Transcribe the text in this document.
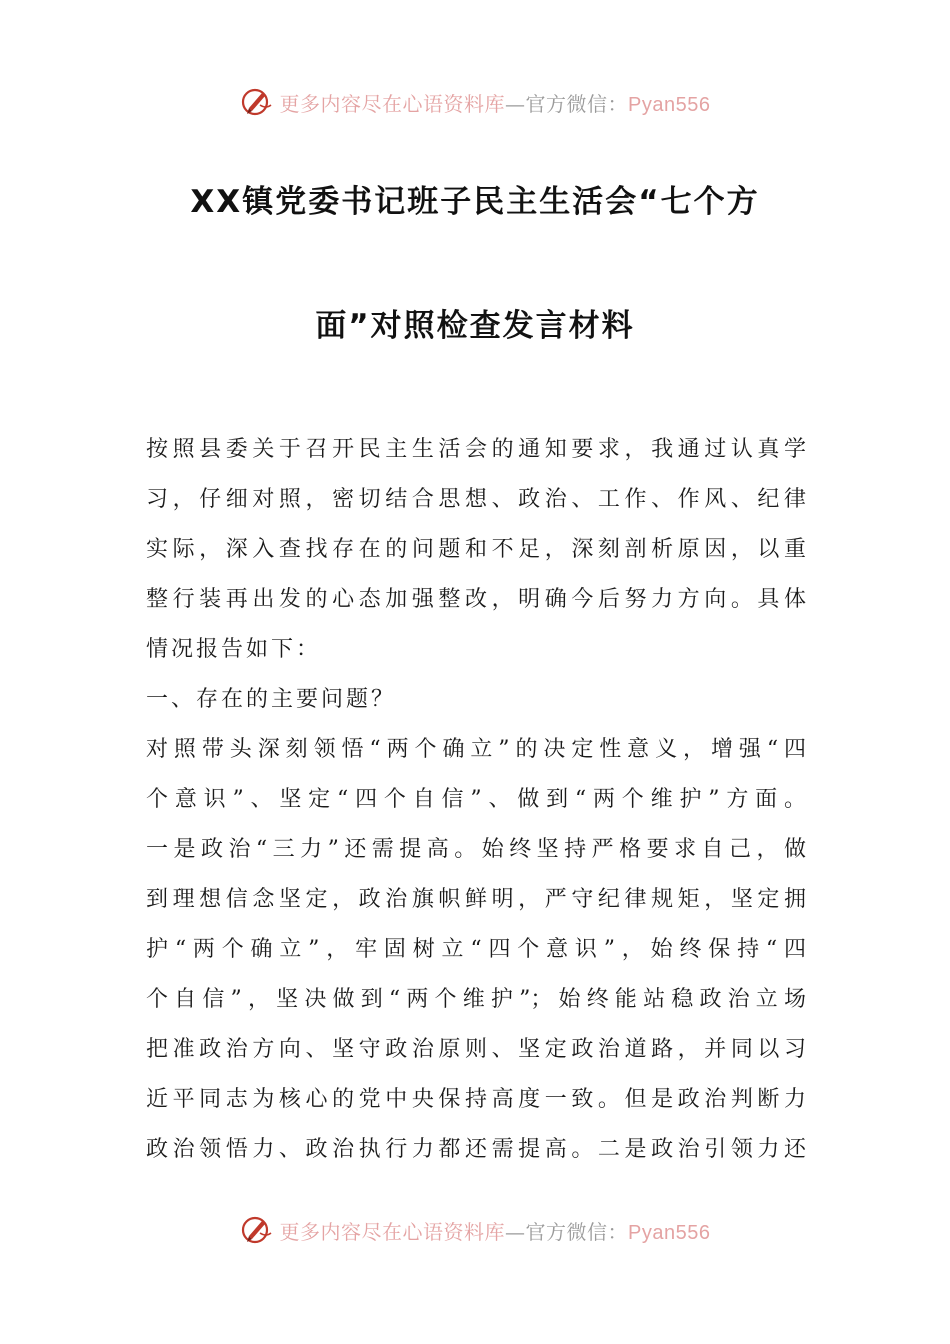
更多内容尽在心语资料库—官方微信：Pyan556
XX镇党委书记班子民主生活会“七个方
面”对照检查发言材料
按照县委关于召开民主生活会的通知要求，我通过认真学
习，仔细对照，密切结合思想、政治、工作、作风、纪律
实际，深入查找存在的问题和不足，深刻剖析原因，以重
整行装再出发的心态加强整改，明确今后努力方向。具体
情况报告如下：
一、存在的主要问题？
对照带头深刻领悟“两个确立”的决定性意义，增强“四
个意识”、坚定“四个自信”、做到“两个维护”方面。
一是政治“三力”还需提高。始终坚持严格要求自己，做
到理想信念坚定，政治旗帜鲜明，严守纪律规矩，坚定拥
护“两个确立”，牢固树立“四个意识”，始终保持“四
个自信”，坚决做到“两个维护”；始终能站稳政治立场
把准政治方向、坚守政治原则、坚定政治道路，并同以习
近平同志为核心的党中央保持高度一致。但是政治判断力
政治领悟力、政治执行力都还需提高。二是政治引领力还
更多内容尽在心语资料库—官方微信：Pyan556
